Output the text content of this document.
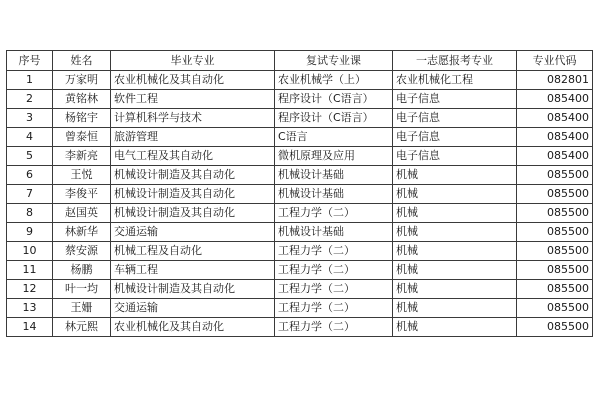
序号	姓名	毕业专业	复试专业课	一志愿报考专业	专业代码
1	万家明	农业机械化及其自动化	农业机械学（上）	农业机械化工程	082801
2	黄铭林	软件工程	程序设计（C语言）	电子信息	085400
3	杨铭宇	计算机科学与技术	程序设计（C语言）	电子信息	085400
4	曾泰恒	旅游管理	C语言	电子信息	085400
5	李新亮	电气工程及其自动化	微机原理及应用	电子信息	085400
6	王悦	机械设计制造及其自动化	机械设计基础	机械	085500
7	李俊平	机械设计制造及其自动化	机械设计基础	机械	085500
8	赵国英	机械设计制造及其自动化	工程力学（二）	机械	085500
9	林新华	交通运输	机械设计基础	机械	085500
10	蔡安源	机械工程及自动化	工程力学（二）	机械	085500
11	杨鹏	车辆工程	工程力学（二）	机械	085500
12	叶一均	机械设计制造及其自动化	工程力学（二）	机械	085500
13	王姗	交通运输	工程力学（二）	机械	085500
14	林元熙	农业机械化及其自动化	工程力学（二）	机械	085500
